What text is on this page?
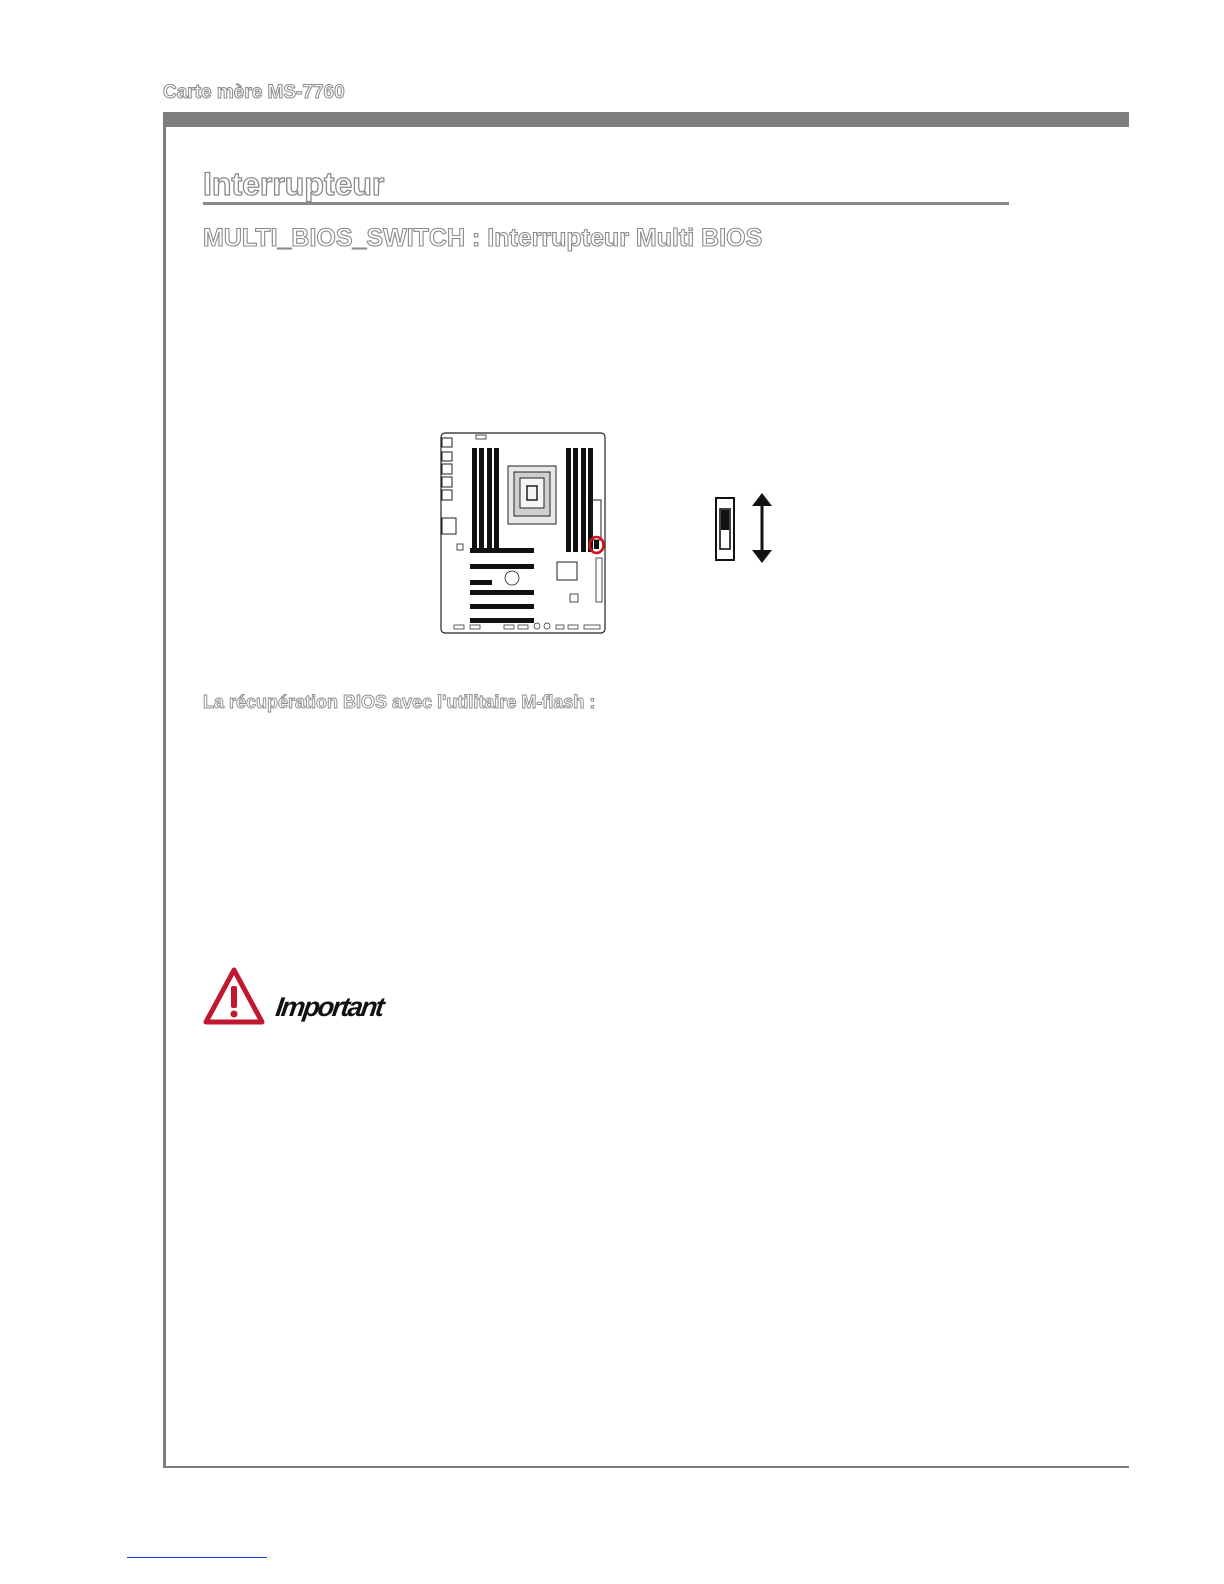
Carte mère MS-7760
Interrupteur
MULTI_BIOS_SWITCH : Interrupteur Multi BIOS
La récupération BIOS avec l'utilitaire M-flash :
Important
